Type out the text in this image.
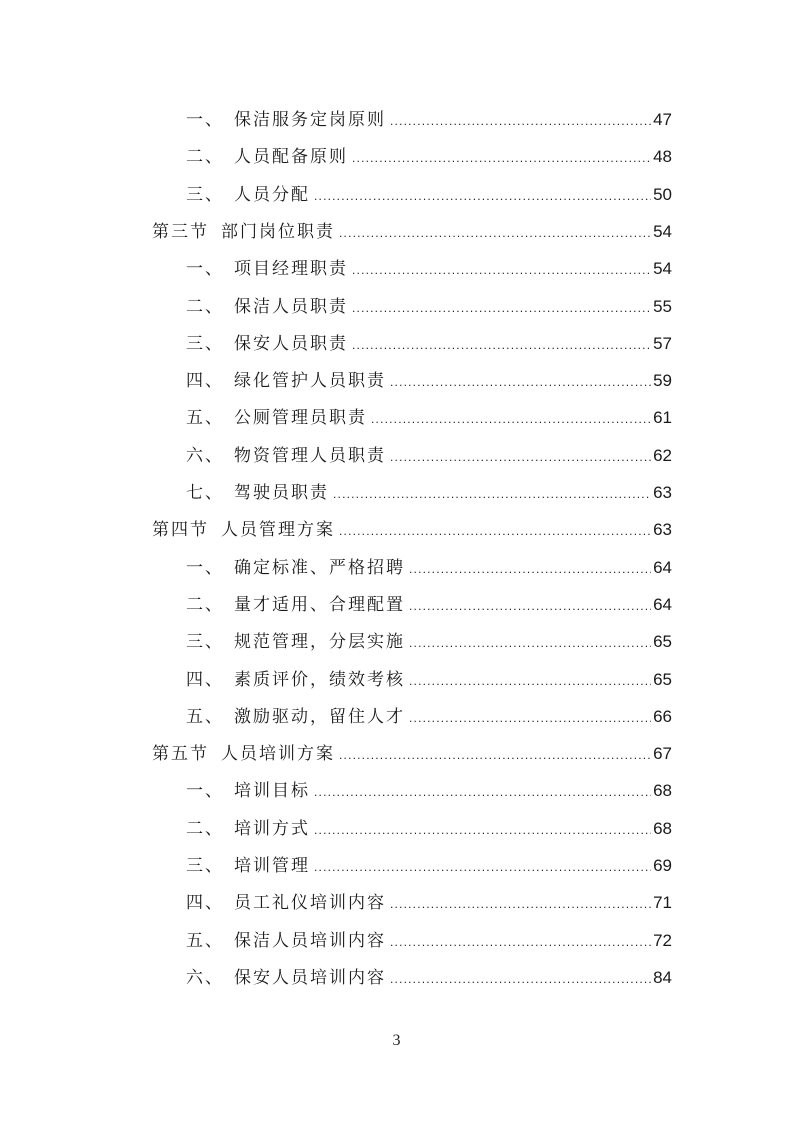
一、 保洁服务定岗原则 .....	47
二、 人员配备原则 .....	48
三、 人员分配 .....	50
第三节 部门岗位职责 .....	54
一、 项目经理职责 .....	54
二、 保洁人员职责 .....	55
三、 保安人员职责 .....	57
四、 绿化管护人员职责 .....	59
五、 公厕管理员职责 .....	61
六、 物资管理人员职责 .....	62
七、 驾驶员职责 .....	63
第四节 人员管理方案 .....	63
一、 确定标准、严格招聘 .....	64
二、 量才适用、合理配置 .....	64
三、 规范管理，分层实施 .....	65
四、 素质评价，绩效考核 .....	65
五、 激励驱动，留住人才 .....	66
第五节 人员培训方案 .....	67
一、 培训目标 .....	68
二、 培训方式 .....	68
三、 培训管理 .....	69
四、 员工礼仪培训内容 .....	71
五、 保洁人员培训内容 .....	72
六、 保安人员培训内容 .....	84
3
